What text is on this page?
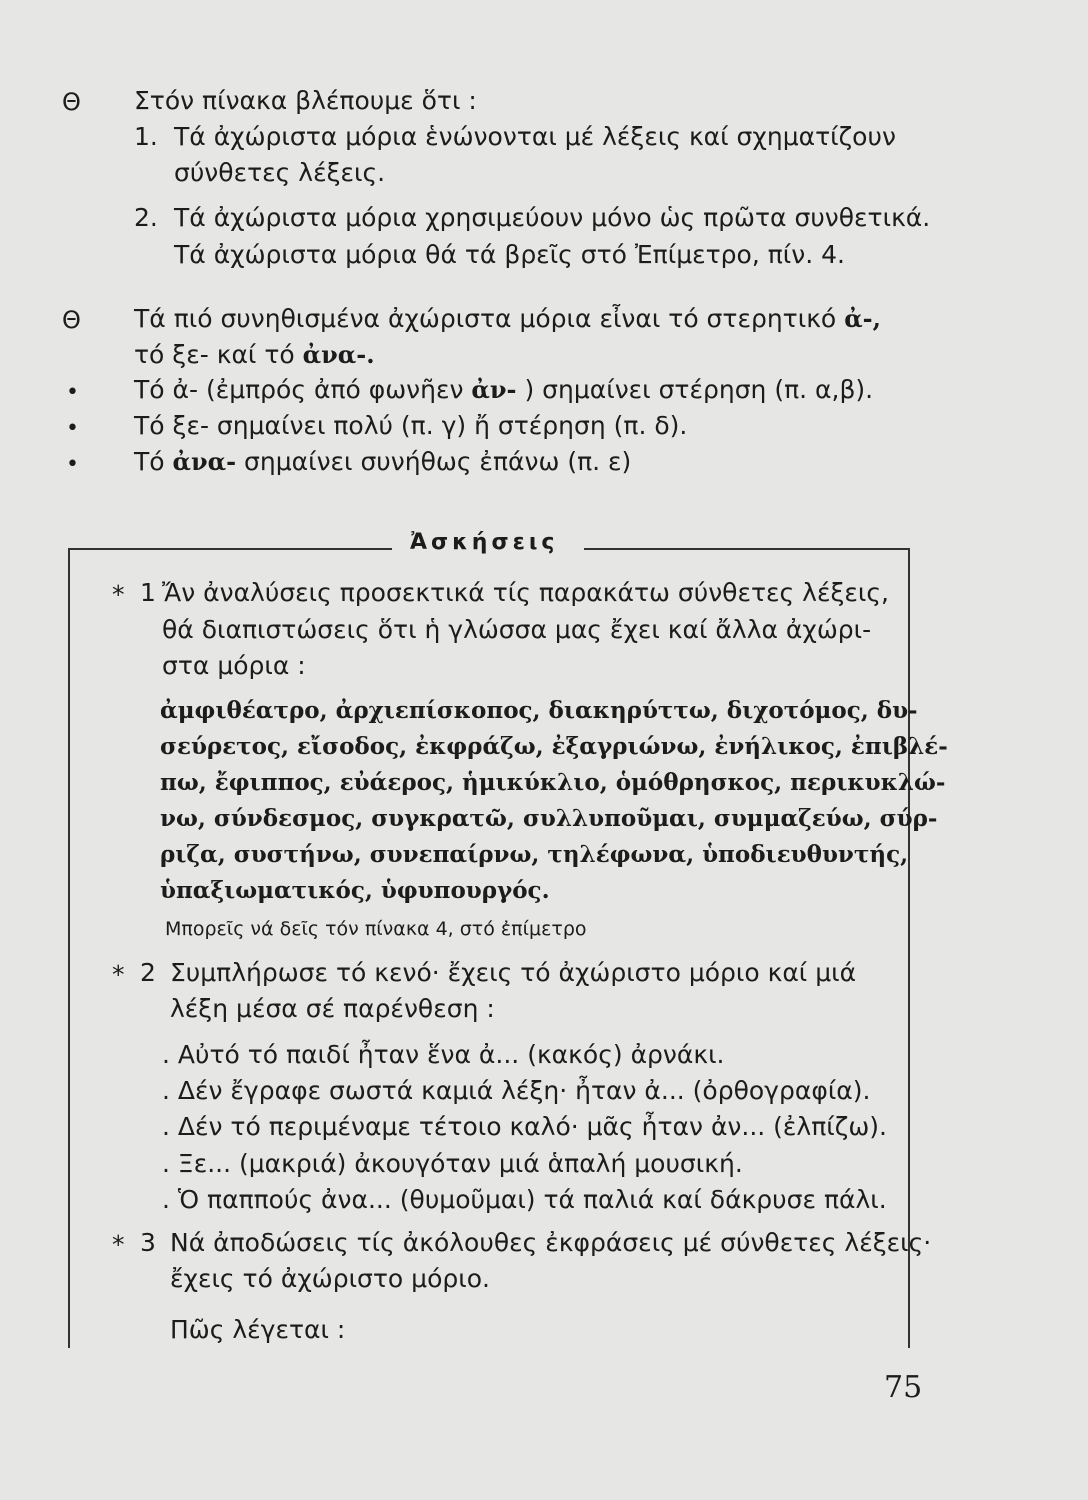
Θ Στόν πίνακα βλέπουμε ὅτι :
1. Τά ἀχώριστα μόρια ἑνώνονται μέ λέξεις καί σχηματίζουν
σύνθετες λέξεις.
2. Τά ἀχώριστα μόρια χρησιμεύουν μόνο ὡς πρῶτα συνθετικά.
Τά ἀχώριστα μόρια θά τά βρεῖς στό Ἐπίμετρο, πίν. 4.
Θ Τά πιό συνηθισμένα ἀχώριστα μόρια εἶναι τό στερητικό ἀ-,
τό ξε- καί τό ἀνα-.
• Τό ἀ- (ἐμπρός ἀπό φωνῆεν ἀν- ) σημαίνει στέρηση (π. α,β).
• Τό ξε- σημαίνει πολύ (π. γ) ἤ στέρηση (π. δ).
• Τό ἀνα- σημαίνει συνήθως ἐπάνω (π. ε)
Ἀσκήσεις
* 1 Ἄν ἀναλύσεις προσεκτικά τίς παρακάτω σύνθετες λέξεις,
θά διαπιστώσεις ὅτι ἡ γλώσσα μας ἔχει καί ἄλλα ἀχώρι-
στα μόρια :
ἀμφιθέατρο, ἀρχιεπίσκοπος, διακηρύττω, διχοτόμος, δυ-
σεύρετος, εἴσοδος, ἐκφράζω, ἐξαγριώνω, ἐνήλικος, ἐπιβλέ-
πω, ἔφιππος, εὐάερος, ἡμικύκλιο, ὁμόθρησκος, περικυκλώ-
νω, σύνδεσμος, συγκρατῶ, συλλυποῦμαι, συμμαζεύω, σύρ-
ριζα, συστήνω, συνεπαίρνω, τηλέφωνα, ὑποδιευθυντής,
ὑπαξιωματικός, ὑφυπουργός.
Μπορεῖς νά δεῖς τόν πίνακα 4, στό ἐπίμετρο
* 2 Συμπλήρωσε τό κενό· ἔχεις τό ἀχώριστο μόριο καί μιά
λέξη μέσα σέ παρένθεση :
. Αὐτό τό παιδί ἦταν ἕνα ἀ... (κακός) ἀρνάκι.
. Δέν ἔγραφε σωστά καμιά λέξη· ἦταν ἀ... (ὀρθογραφία).
. Δέν τό περιμέναμε τέτοιο καλό· μᾶς ἦταν ἀν... (ἐλπίζω).
. Ξε... (μακριά) ἀκουγόταν μιά ἁπαλή μουσική.
. Ὁ παππούς ἀνα... (θυμοῦμαι) τά παλιά καί δάκρυσε πάλι.
* 3 Νά ἀποδώσεις τίς ἀκόλουθες ἐκφράσεις μέ σύνθετες λέξεις·
ἔχεις τό ἀχώριστο μόριο.
Πῶς λέγεται :
75
